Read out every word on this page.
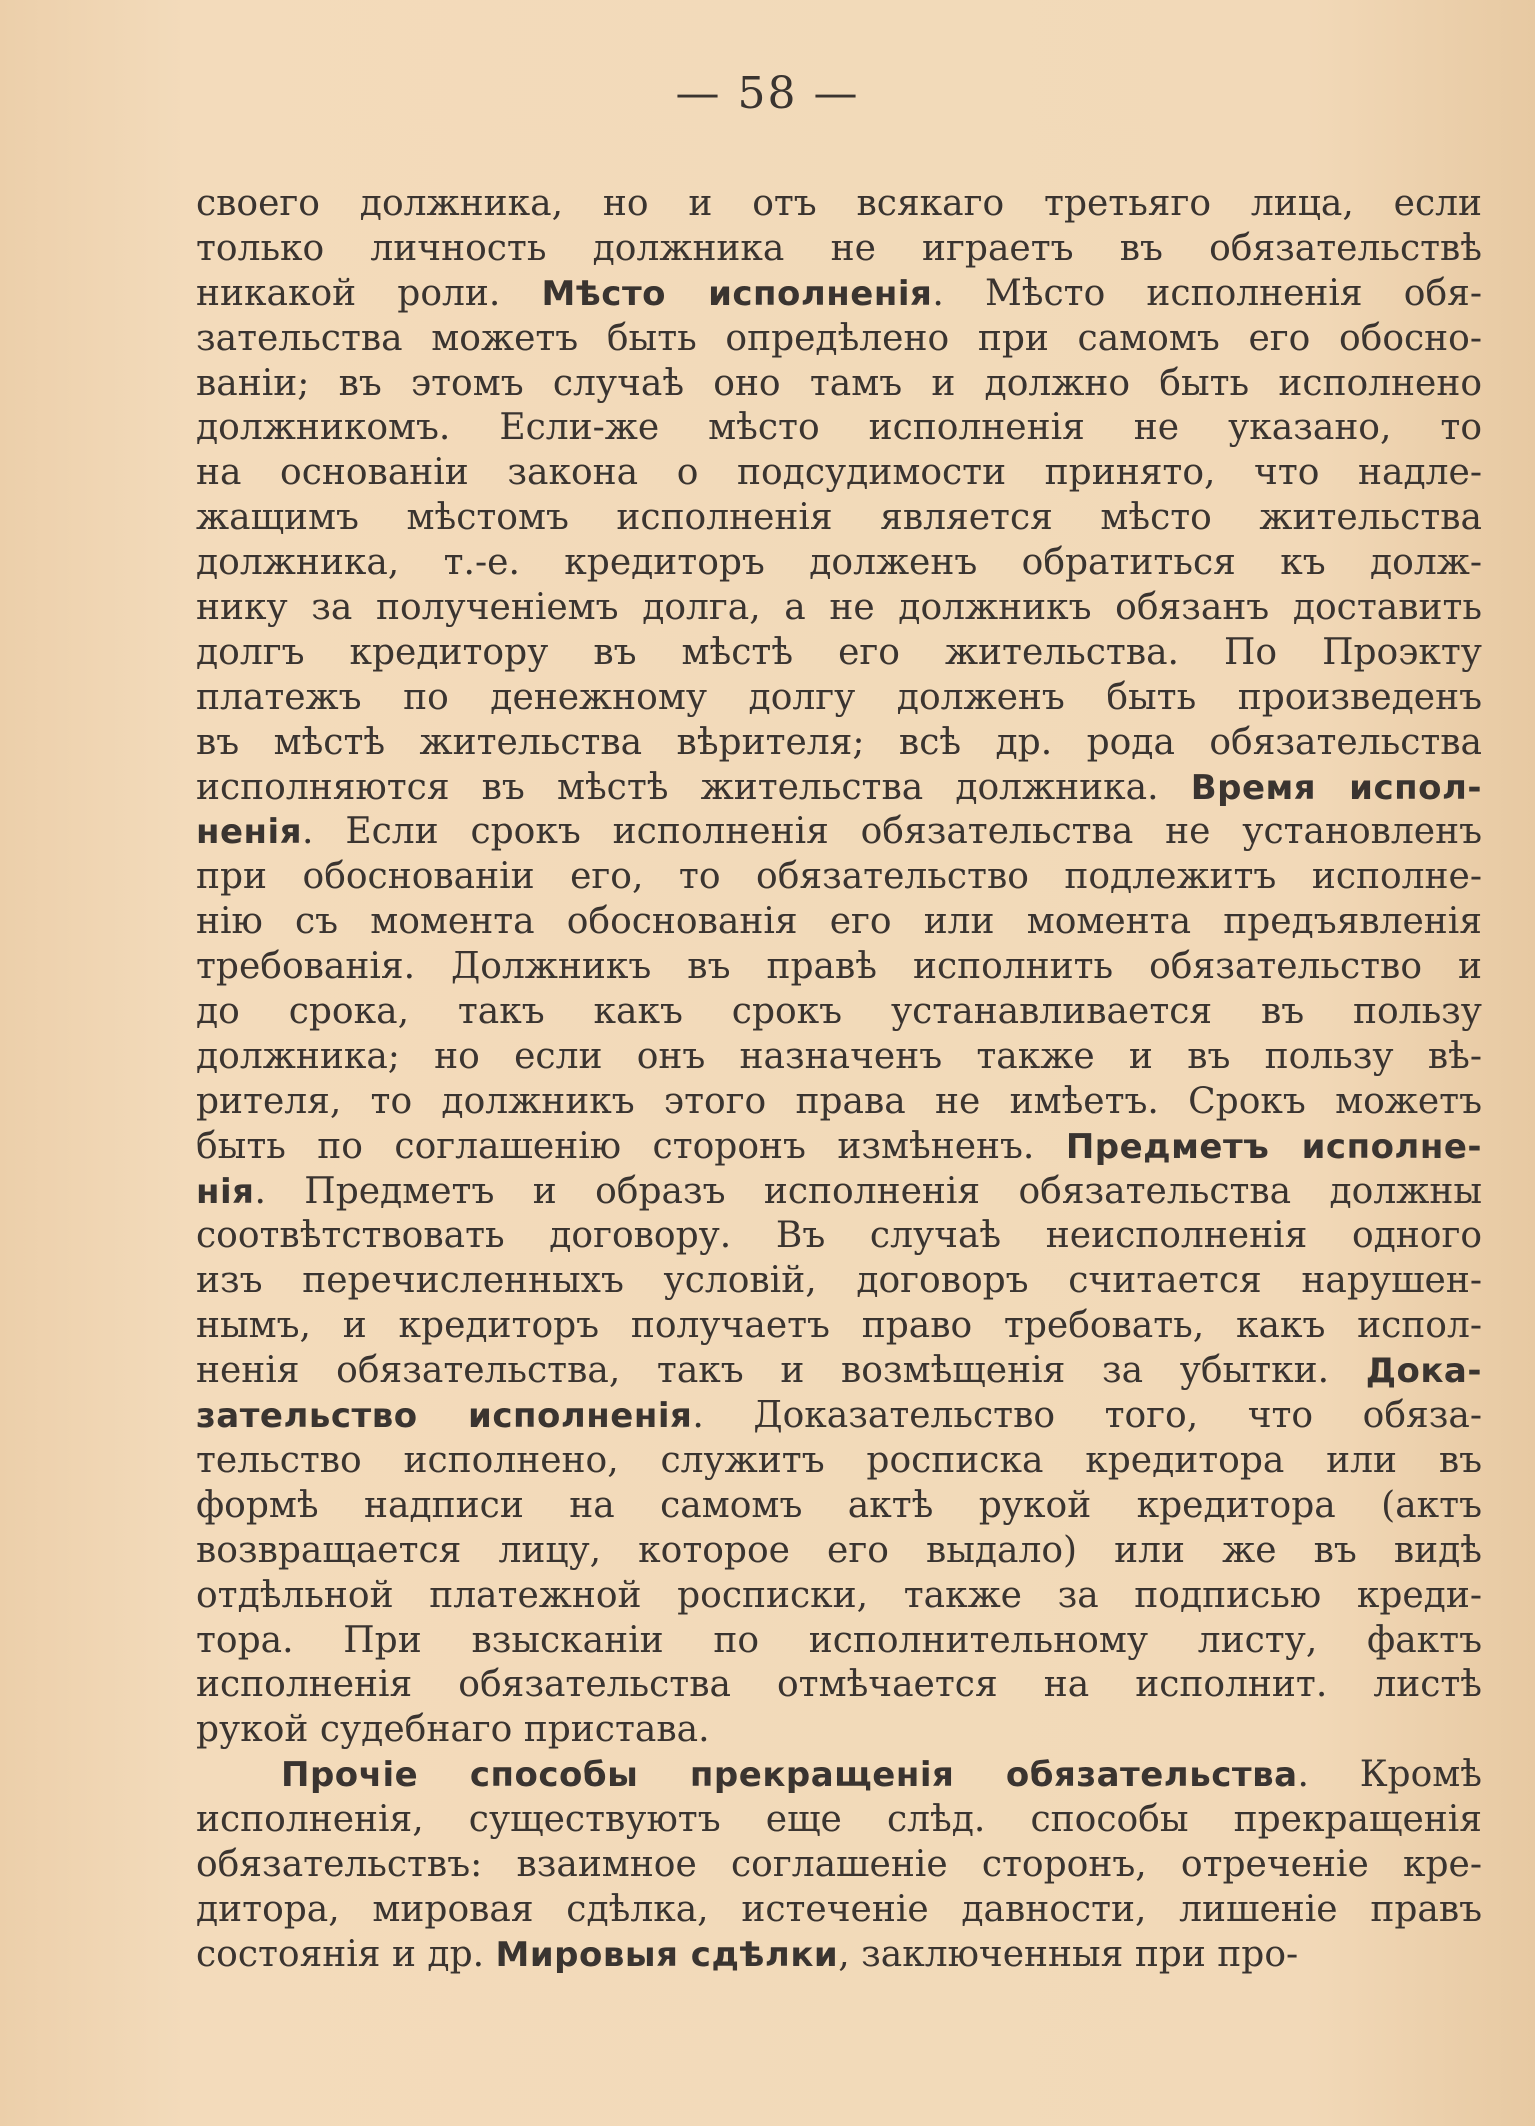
— 58 —
своего должника, но и отъ всякаго третьяго лица, если
только личность должника не играетъ въ обязательствѣ
никакой роли. Мѣсто исполненія. Мѣсто исполненія обя-
зательства можетъ быть опредѣлено при самомъ его обосно-
ваніи; въ этомъ случаѣ оно тамъ и должно быть исполнено
должникомъ. Если-же мѣсто исполненія не указано, то
на основаніи закона о подсудимости принято, что надле-
жащимъ мѣстомъ исполненія является мѣсто жительства
должника, т.-е. кредиторъ долженъ обратиться къ долж-
нику за полученіемъ долга, а не должникъ обязанъ доставить
долгъ кредитору въ мѣстѣ его жительства. По Проэкту
платежъ по денежному долгу долженъ быть произведенъ
въ мѣстѣ жительства вѣрителя; всѣ др. рода обязательства
исполняются въ мѣстѣ жительства должника. Время испол-
ненія. Если срокъ исполненія обязательства не установленъ
при обоснованіи его, то обязательство подлежитъ исполне-
нію съ момента обоснованія его или момента предъявленія
требованія. Должникъ въ правѣ исполнить обязательство и
до срока, такъ какъ срокъ устанавливается въ пользу
должника; но если онъ назначенъ также и въ пользу вѣ-
рителя, то должникъ этого права не имѣетъ. Срокъ можетъ
быть по соглашенію сторонъ измѣненъ. Предметъ исполне-
нія. Предметъ и образъ исполненія обязательства должны
соотвѣтствовать договору. Въ случаѣ неисполненія одного
изъ перечисленныхъ условій, договоръ считается нарушен-
нымъ, и кредиторъ получаетъ право требовать, какъ испол-
ненія обязательства, такъ и возмѣщенія за убытки. Дока-
зательство исполненія. Доказательство того, что обяза-
тельство исполнено, служитъ росписка кредитора или въ
формѣ надписи на самомъ актѣ рукой кредитора (актъ
возвращается лицу, которое его выдало) или же въ видѣ
отдѣльной платежной росписки, также за подписью креди-
тора. При взысканіи по исполнительному листу, фактъ
исполненія обязательства отмѣчается на исполнит. листѣ
рукой судебнаго пристава.
Прочіе способы прекращенія обязательства. Кромѣ
исполненія, существуютъ еще слѣд. способы прекращенія
обязательствъ: взаимное соглашеніе сторонъ, отреченіе кре-
дитора, мировая сдѣлка, истеченіе давности, лишеніе правъ
состоянія и др. Мировыя сдѣлки, заключенныя при про-
